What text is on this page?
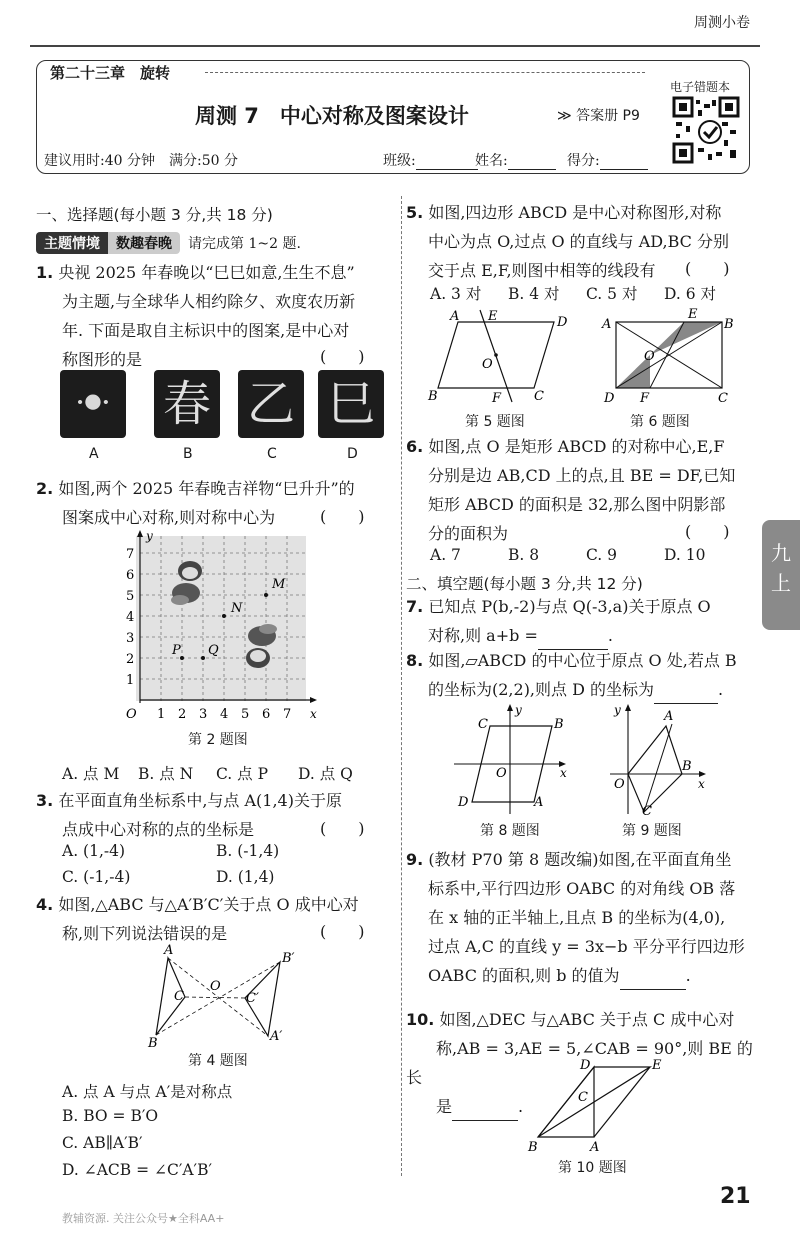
周测小卷
第二十三章　旋转
周测 7　中心对称及图案设计	≫ 答案册 P9
电子错题本
建议用时:40 分钟　满分:50 分	班级:	姓名:	得分:
九
上
一、选择题(每小题 3 分,共 18 分)
主题情境	数趣春晚	请完成第 1~2 题.
1. 央视 2025 年春晚以“巳巳如意,生生不息”
为主题,与全球华人相约除夕、欢度农历新
年. 下面是取自主标识中的图案,是中心对
称图形的是	(　　)
ꔹ	春 乙 巳
A	B	C	D
2. 如图,两个 2025 年春晚吉祥物“巳升升”的
图案成中心对称,则对称中心为	(　　)
y
x
O
1
2
3
4
5
6
7
1 2 3 4 5 6 7
M
N
P Q
第 2 题图
A. 点 M B. 点 N C. 点 P D. 点 Q
3. 在平面直角坐标系中,与点 A(1,4)关于原
点成中心对称的点的坐标是	(　　)
A. (1,-4)	B. (-1,4)
C. (-1,-4)	D. (1,4)
4. 如图,△ABC 与△A′B′C′关于点 O 成中心对
称,则下列说法错误的是	(　　)
A
B
C
O
C′
B′
A′
第 4 题图
A. 点 A 与点 A′是对称点
B. BO = B′O
C. AB∥A′B′
D. ∠ACB = ∠C′A′B′
5. 如图,四边形 ABCD 是中心对称图形,对称
中心为点 O,过点 O 的直线与 AD,BC 分别
交于点 E,F,则图中相等的线段有	(　　)
A. 3 对 B. 4 对 C. 5 对 D. 6 对
A E	D
O
B	F	C
第 5 题图
A
E
B
O
D F	C
第 6 题图
6. 如图,点 O 是矩形 ABCD 的对称中心,E,F
分别是边 AB,CD 上的点,且 BE = DF,已知
矩形 ABCD 的面积是 32,那么图中阴影部
分的面积为	(　　)
A. 7	B. 8	C. 9	D. 10
二、填空题(每小题 3 分,共 12 分)
7. 已知点 P(b,-2)与点 Q(-3,a)关于原点 O
对称,则 a+b =	.
8. 如图,▱ABCD 的中心位于原点 O 处,若点 B
的坐标为(2,2),则点 D 的坐标为	.
C	B
O
D	A
x
y
第 8 题图
y	A
O
B
x
C
第 9 题图
9. (教材 P70 第 8 题改编)如图,在平面直角坐
标系中,平行四边形 OABC 的对角线 OB 落
在 x 轴的正半轴上,且点 B 的坐标为(4,0),
过点 A,C 的直线 y = 3x−b 平分平行四边形
OABC 的面积,则 b 的值为	.
10. 如图,△DEC 与△ABC 关于点 C 成中心对
称,AB = 3,AE = 5,∠CAB = 90°,则 BE 的长
是	.
D	E
C
B	A
第 10 题图
21
教辅资源. 关注公众号★全科AA+
